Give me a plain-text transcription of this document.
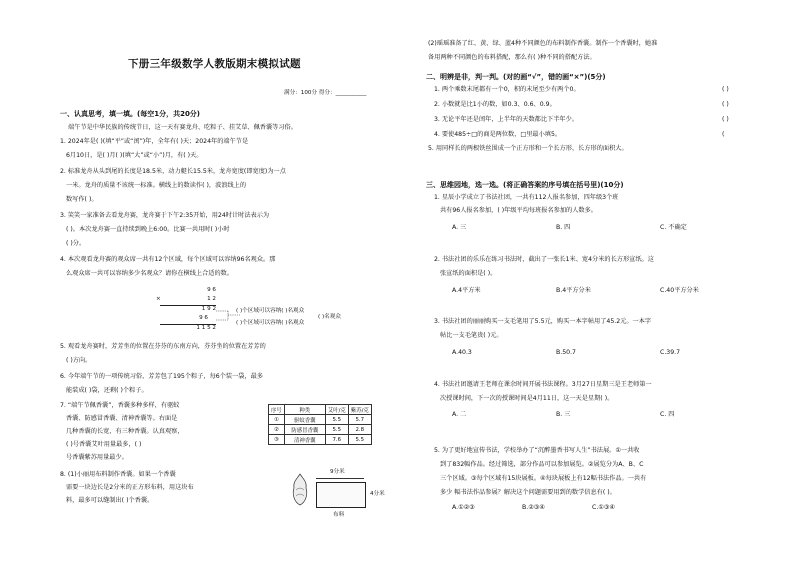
下册三年级数学人教版期末模拟试题
满分：100分 得分：___________
一、认真思考，填一填。(每空1分，共20分)
端午节是中华民族的传统节日，这一天有赛龙舟、吃粽子、挂艾草、佩香囊等习俗。
1. 2024年是( )(填“平”或“闰”)年，全年有( )天；2024年的端午节是
6月10日，是( )月( )(填“大”或“小”)月，有( )天。
2. 标准龙舟从头到尾的长度是18.5米，动力艇长15.5米，龙舟宽度(即宽度)为一点
一米。龙舟的质量不该统一标准。横线上的数读作( )，波浪线上的
数写作( )。
3. 笑笑一家准备去看龙舟赛，龙舟赛于下午2:35开始，用24时计时法表示为
( )。本次龙舟赛一直持续到晚上6:00。比赛一共用时( )小时
( )分。
4. 本次观看龙舟赛的观众席一共有12个区域，每个区域可以容纳96名观众。那
么观众席一共可以容纳多少名观众？请你在横线上合适的数。
9 6
×	1 2
1 9 2
9 6
1 1 5 2
( )个区域可以容纳( )名观众
( )个区域可以容纳( )名观众
( )名观众
5. 观看龙舟赛时，芳芳坐的位置在芬芬的东南方向，芬芬坐的位置在芳芳的
( )方向。
6. 今年端午节的一项传统习俗，芳芳包了195个粽子，每6个装一袋，最多
能装成( )袋，还剩( )个粽子。
7. “端午节佩香囊”，香囊多种多样，有驱蚊
香囊、防感冒香囊、清神香囊等。右面是
几种香囊的长宽，有三种香囊。认真观察，
( )号香囊艾叶用量最多，( )
号香囊紫苏用量最少。
序号	种类	艾叶/克	紫苏/克
①	驱蚊香囊	5.5	5.7
②	防感冒香囊	5.5	2.8
③	清神香囊	7.6	5.5
8. (1)小丽用布料制作香囊。如果一个香囊
需要一块边长是2分米的正方形布料，用这块布
料，最多可以缝制出( )个香囊。
9分米
4分米
布料
(2)瑶瑶准备了红、黄、绿、蓝4种不同颜色的布料制作香囊。制作一个香囊时，她准
备用两种不同颜色的布料搭配，那么有( )种不同的搭配方法。
二、明辨是非，判一判。(对的画“√”，错的画“×”)(5分)
1. 两个乘数末尾都有一个0，积的末尾至少有两个0。
2. 小数就是比1小的数，如0.3、0.6、0.9。
3. 无论平年还是闰年，上半年的天数都比下半年少。
4. 要使485÷□的商是两位数，□里最小填5。
5. 用同样长的两根铁丝围成一个正方形和一个长方形，长方形的面积大。
( )
( )
( )
(
三、思维园地，选一选。(将正确答案的序号填在括号里)(10分)
1. 星辰小学成立了书法社团，一共有112人报名参加，四年级3个班
共有96人报名参加，( )年级平均每班报名参加的人数多。
A. 三	B. 四	C. 不确定
2. 书法社团的乐乐在练习书法时，截出了一张长1米、宽4分米的长方形宣纸。这
张宣纸的面积是( )。
A.4平方米	B.4平方分米	C.40平方分米
3. 书法社团的丽丽购买一支毛笔用了5.5元，购买一本字帖用了45.2元。一本字
帖比一支毛笔贵( )元。
A.40.3	B.50.7	C.39.7
4. 书法社团邀请王老师在课余时间开展书法课程。3月27日星期三是王老师第一
次授课时间，下一次的授课时间是4月11日，这一天是星期( )。
A. 二	B. 三	C. 四
5. 为了更好地宣传书法，学校举办了“沉醉墨香书写人生”书法展。①一共收
到了832幅作品。经过筛选，部分作品可以参加展览。②展览分为A、B、C
三个区域。③每个区域有15块展板。④每块展板上有12幅书法作品。一共有
多少 幅书法作品参展？解决这个问题需要用到的数学信息有( )。
A.①②③	B.②③④	C.①③④
